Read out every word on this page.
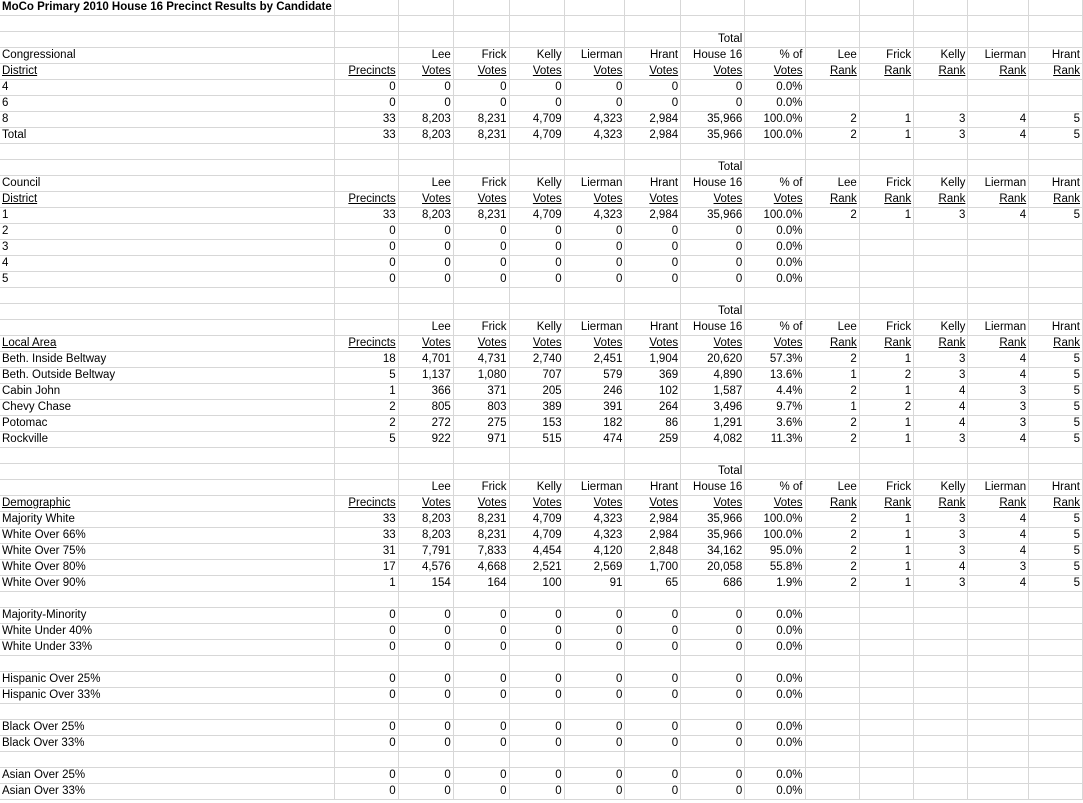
MoCo Primary 2010 House 16 Precinct Results by Candidate													

							Total						
Congressional		Lee	Frick	Kelly	Lierman	Hrant	House 16	% of	Lee	Frick	Kelly	Lierman	Hrant
District	Precincts	Votes	Votes	Votes	Votes	Votes	Votes	Votes	Rank	Rank	Rank	Rank	Rank
4	0	0	0	0	0	0	0	0.0%					
6	0	0	0	0	0	0	0	0.0%					
8	33	8,203	8,231	4,709	4,323	2,984	35,966	100.0%	2	1	3	4	5
Total	33	8,203	8,231	4,709	4,323	2,984	35,966	100.0%	2	1	3	4	5

							Total						
Council		Lee	Frick	Kelly	Lierman	Hrant	House 16	% of	Lee	Frick	Kelly	Lierman	Hrant
District	Precincts	Votes	Votes	Votes	Votes	Votes	Votes	Votes	Rank	Rank	Rank	Rank	Rank
1	33	8,203	8,231	4,709	4,323	2,984	35,966	100.0%	2	1	3	4	5
2	0	0	0	0	0	0	0	0.0%					
3	0	0	0	0	0	0	0	0.0%					
4	0	0	0	0	0	0	0	0.0%					
5	0	0	0	0	0	0	0	0.0%					

							Total						
		Lee	Frick	Kelly	Lierman	Hrant	House 16	% of	Lee	Frick	Kelly	Lierman	Hrant
Local Area	Precincts	Votes	Votes	Votes	Votes	Votes	Votes	Votes	Rank	Rank	Rank	Rank	Rank
Beth. Inside Beltway	18	4,701	4,731	2,740	2,451	1,904	20,620	57.3%	2	1	3	4	5
Beth. Outside Beltway	5	1,137	1,080	707	579	369	4,890	13.6%	1	2	3	4	5
Cabin John	1	366	371	205	246	102	1,587	4.4%	2	1	4	3	5
Chevy Chase	2	805	803	389	391	264	3,496	9.7%	1	2	4	3	5
Potomac	2	272	275	153	182	86	1,291	3.6%	2	1	4	3	5
Rockville	5	922	971	515	474	259	4,082	11.3%	2	1	3	4	5

							Total						
		Lee	Frick	Kelly	Lierman	Hrant	House 16	% of	Lee	Frick	Kelly	Lierman	Hrant
Demographic	Precincts	Votes	Votes	Votes	Votes	Votes	Votes	Votes	Rank	Rank	Rank	Rank	Rank
Majority White	33	8,203	8,231	4,709	4,323	2,984	35,966	100.0%	2	1	3	4	5
White Over 66%	33	8,203	8,231	4,709	4,323	2,984	35,966	100.0%	2	1	3	4	5
White Over 75%	31	7,791	7,833	4,454	4,120	2,848	34,162	95.0%	2	1	3	4	5
White Over 80%	17	4,576	4,668	2,521	2,569	1,700	20,058	55.8%	2	1	4	3	5
White Over 90%	1	154	164	100	91	65	686	1.9%	2	1	3	4	5

Majority-Minority	0	0	0	0	0	0	0	0.0%					
White Under 40%	0	0	0	0	0	0	0	0.0%					
White Under 33%	0	0	0	0	0	0	0	0.0%					

Hispanic Over 25%	0	0	0	0	0	0	0	0.0%					
Hispanic Over 33%	0	0	0	0	0	0	0	0.0%					

Black Over 25%	0	0	0	0	0	0	0	0.0%					
Black Over 33%	0	0	0	0	0	0	0	0.0%					

Asian Over 25%	0	0	0	0	0	0	0	0.0%					
Asian Over 33%	0	0	0	0	0	0	0	0.0%					
